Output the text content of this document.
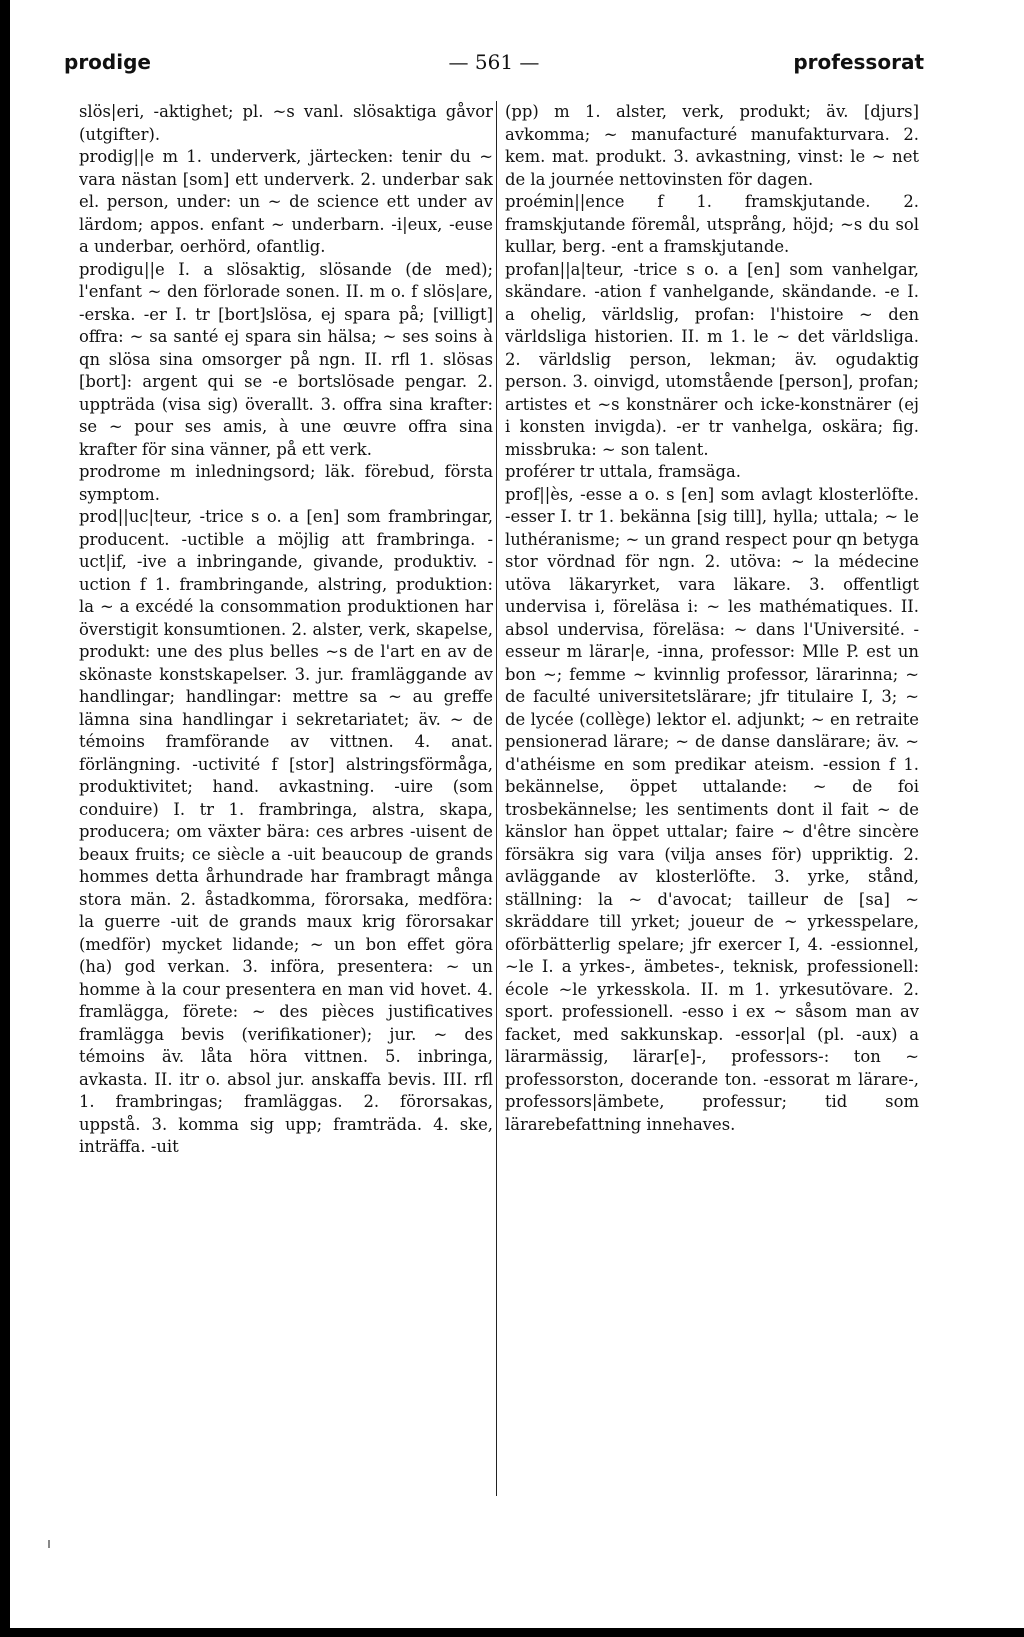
prodige	— 561 —	professorat

slös|eri, -aktighet; pl. ~s vanl. slösaktiga gåvor (utgifter).

prodig||e m 1. underverk, järtecken: tenir du ~ vara nästan [som] ett underverk. 2. underbar sak el. person, under: un ~ de science ett under av lärdom; appos. enfant ~ underbarn. -i|eux, -euse a underbar, oerhörd, ofantlig.

prodigu||e I. a slösaktig, slösande (de med); l'enfant ~ den förlorade sonen. II. m o. f slös|are, -erska. -er I. tr [bort]slösa, ej spara på; [villigt] offra: ~ sa santé ej spara sin hälsa; ~ ses soins à qn slösa sina omsorger på ngn. II. rfl 1. slösas [bort]: argent qui se -e bortslösade pengar. 2. uppträda (visa sig) överallt. 3. offra sina krafter: se ~ pour ses amis, à une œuvre offra sina krafter för sina vänner, på ett verk.

prodrome m inledningsord; läk. förebud, första symptom.

prod||uc|teur, -trice s o. a [en] som frambringar, producent. -uctible a möjlig att frambringa. -uct|if, -ive a inbringande, givande, produktiv. -uction f 1. frambringande, alstring, produktion: la ~ a excédé la consommation produktionen har överstigit konsumtionen. 2. alster, verk, skapelse, produkt: une des plus belles ~s de l'art en av de skönaste konstskapelser. 3. jur. framläggande av handlingar; handlingar: mettre sa ~ au greffe lämna sina handlingar i sekretariatet; äv. ~ de témoins framförande av vittnen. 4. anat. förlängning. -uctivité f [stor] alstringsförmåga, produktivitet; hand. avkastning. -uire (som conduire) I. tr 1. frambringa, alstra, skapa, producera; om växter bära: ces arbres -uisent de beaux fruits; ce siècle a -uit beaucoup de grands hommes detta århundrade har frambragt många stora män. 2. åstadkomma, förorsaka, medföra: la guerre -uit de grands maux krig förorsakar (medför) mycket lidande; ~ un bon effet göra (ha) god verkan. 3. införa, presentera: ~ un homme à la cour presentera en man vid hovet. 4. framlägga, förete: ~ des pièces justificatives framlägga bevis (verifikationer); jur. ~ des témoins äv. låta höra vittnen. 5. inbringa, avkasta. II. itr o. absol jur. anskaffa bevis. III. rfl 1. frambringas; framläggas. 2. förorsakas, uppstå. 3. komma sig upp; framträda. 4. ske, inträffa. -uit

(pp) m 1. alster, verk, produkt; äv. [djurs] avkomma; ~ manufacturé manufakturvara. 2. kem. mat. produkt. 3. avkastning, vinst: le ~ net de la journée nettovinsten för dagen.

proémin||ence f 1. framskjutande. 2. framskjutande föremål, utsprång, höjd; ~s du sol kullar, berg. -ent a framskjutande.

profan||a|teur, -trice s o. a [en] som vanhelgar, skändare. -ation f vanhelgande, skändande. -e I. a ohelig, världslig, profan: l'histoire ~ den världsliga historien. II. m 1. le ~ det världsliga. 2. världslig person, lekman; äv. ogudaktig person. 3. oinvigd, utomstående [person], profan; artistes et ~s konstnärer och icke-konstnärer (ej i konsten invigda). -er tr vanhelga, oskära; fig. missbruka: ~ son talent.

proférer tr uttala, framsäga.

prof||ès, -esse a o. s [en] som avlagt klosterlöfte. -esser I. tr 1. bekänna [sig till], hylla; uttala; ~ le luthéranisme; ~ un grand respect pour qn betyga stor vördnad för ngn. 2. utöva: ~ la médecine utöva läkaryrket, vara läkare. 3. offentligt undervisa i, föreläsa i: ~ les mathématiques. II. absol undervisa, föreläsa: ~ dans l'Université. -esseur m lärar|e, -inna, professor: Mlle P. est un bon ~; femme ~ kvinnlig professor, lärarinna; ~ de faculté universitetslärare; jfr titulaire I, 3; ~ de lycée (collège) lektor el. adjunkt; ~ en retraite pensionerad lärare; ~ de danse danslärare; äv. ~ d'athéisme en som predikar ateism. -ession f 1. bekännelse, öppet uttalande: ~ de foi trosbekännelse; les sentiments dont il fait ~ de känslor han öppet uttalar; faire ~ d'être sincère försäkra sig vara (vilja anses för) uppriktig. 2. avläggande av klosterlöfte. 3. yrke, stånd, ställning: la ~ d'avocat; tailleur de [sa] ~ skräddare till yrket; joueur de ~ yrkesspelare, oförbätterlig spelare; jfr exercer I, 4. -essionnel, ~le I. a yrkes-, ämbetes-, teknisk, professionell: école ~le yrkesskola. II. m 1. yrkesutövare. 2. sport. professionell. -esso i ex ~ såsom man av facket, med sakkunskap. -essor|al (pl. -aux) a lärarmässig, lärar[e]-, professors-: ton ~ professorston, docerande ton. -essorat m lärare-, professors|ämbete, professur; tid som lärarebefattning innehaves.
